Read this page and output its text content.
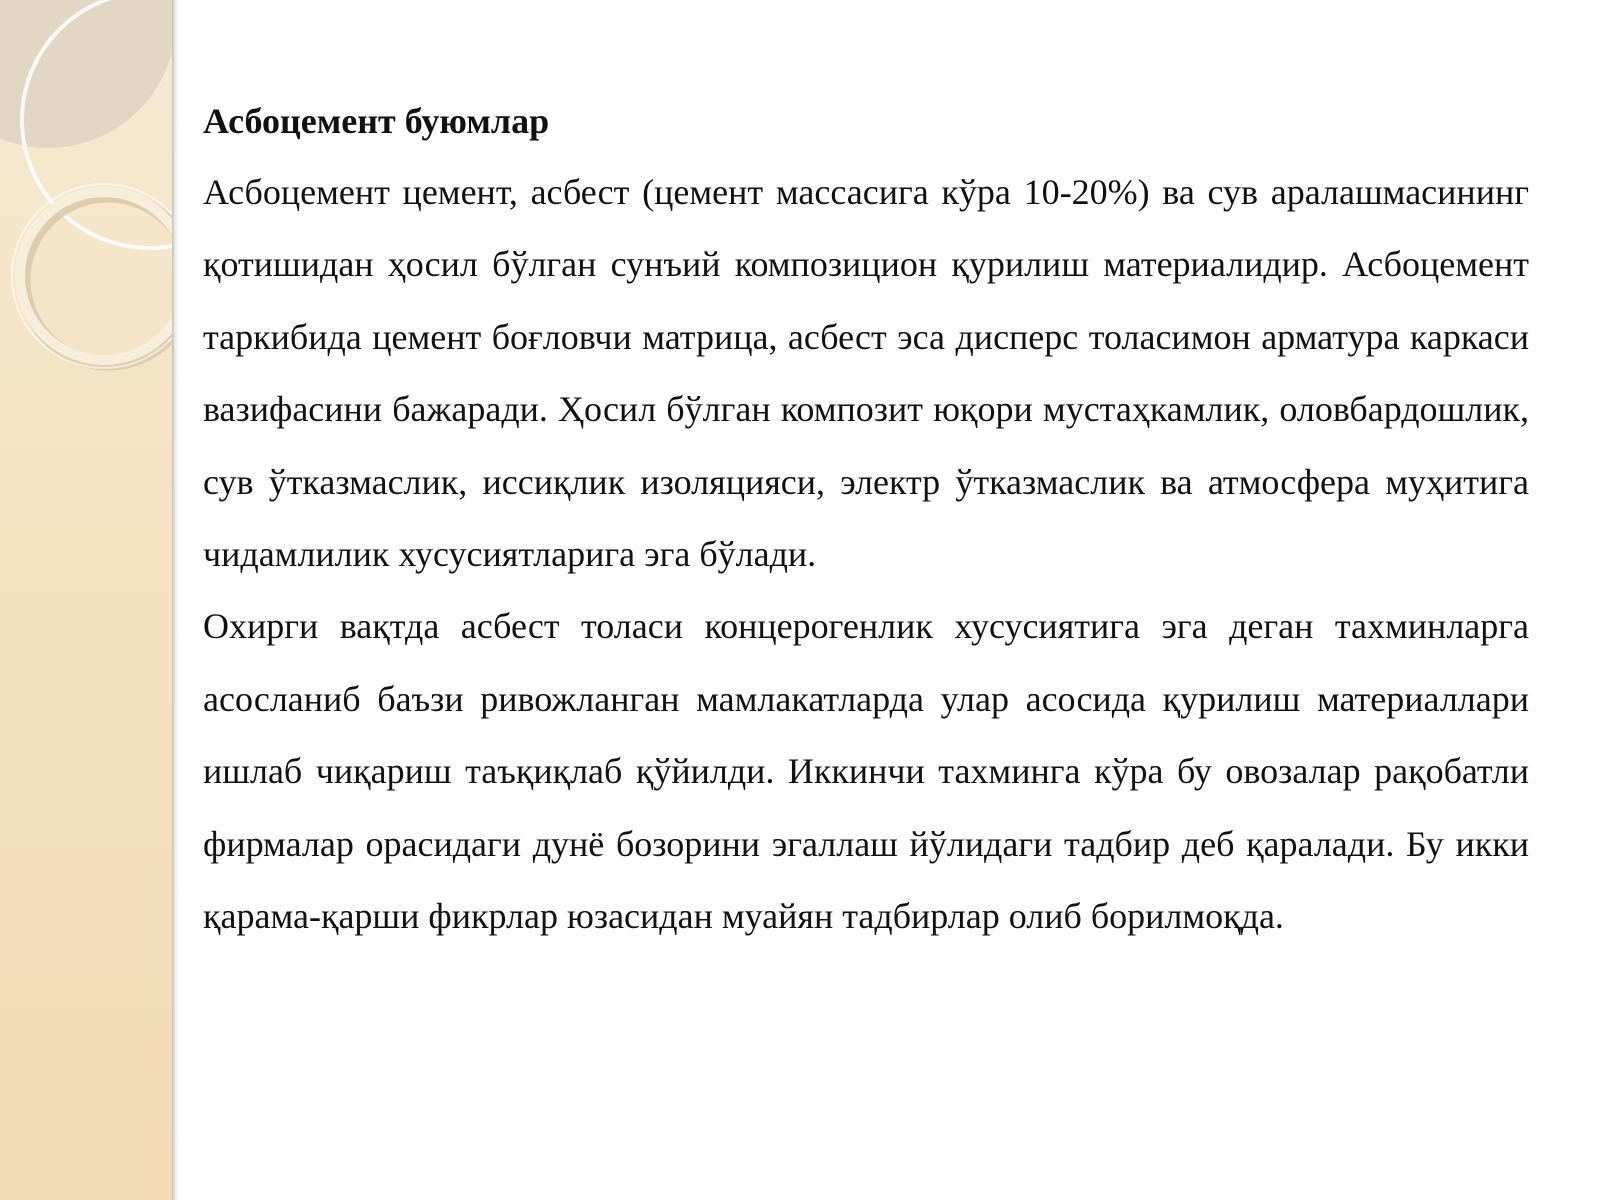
Асбоцемент буюмлар

Асбоцемент цемент, асбест (цемент массасига кўра 10-20%) ва сув аралашмасининг қотишидан ҳосил бўлган сунъий композицион қурилиш материалидир. Асбоцемент таркибида цемент боғловчи матрица, асбест эса дисперс толасимон арматура каркаси вазифасини бажаради. Ҳосил бўлган композит юқори мустаҳкамлик, оловбардошлик, сув ўтказмаслик, иссиқлик изоляцияси, электр ўтказмаслик ва атмосфера муҳитига чидамлилик хусусиятларига эга бўлади.

Охирги вақтда асбест толаси концерогенлик хусусиятига эга деган тахминларга асосланиб баъзи ривожланган мамлакатларда улар асосида қурилиш материаллари ишлаб чиқариш таъқиқлаб қўйилди. Иккинчи тахминга кўра бу овозалар рақобатли фирмалар орасидаги дунё бозорини эгаллаш йўлидаги тадбир деб қаралади. Бу икки қарама-қарши фикрлар юзасидан муайян тадбирлар олиб борилмоқда.
